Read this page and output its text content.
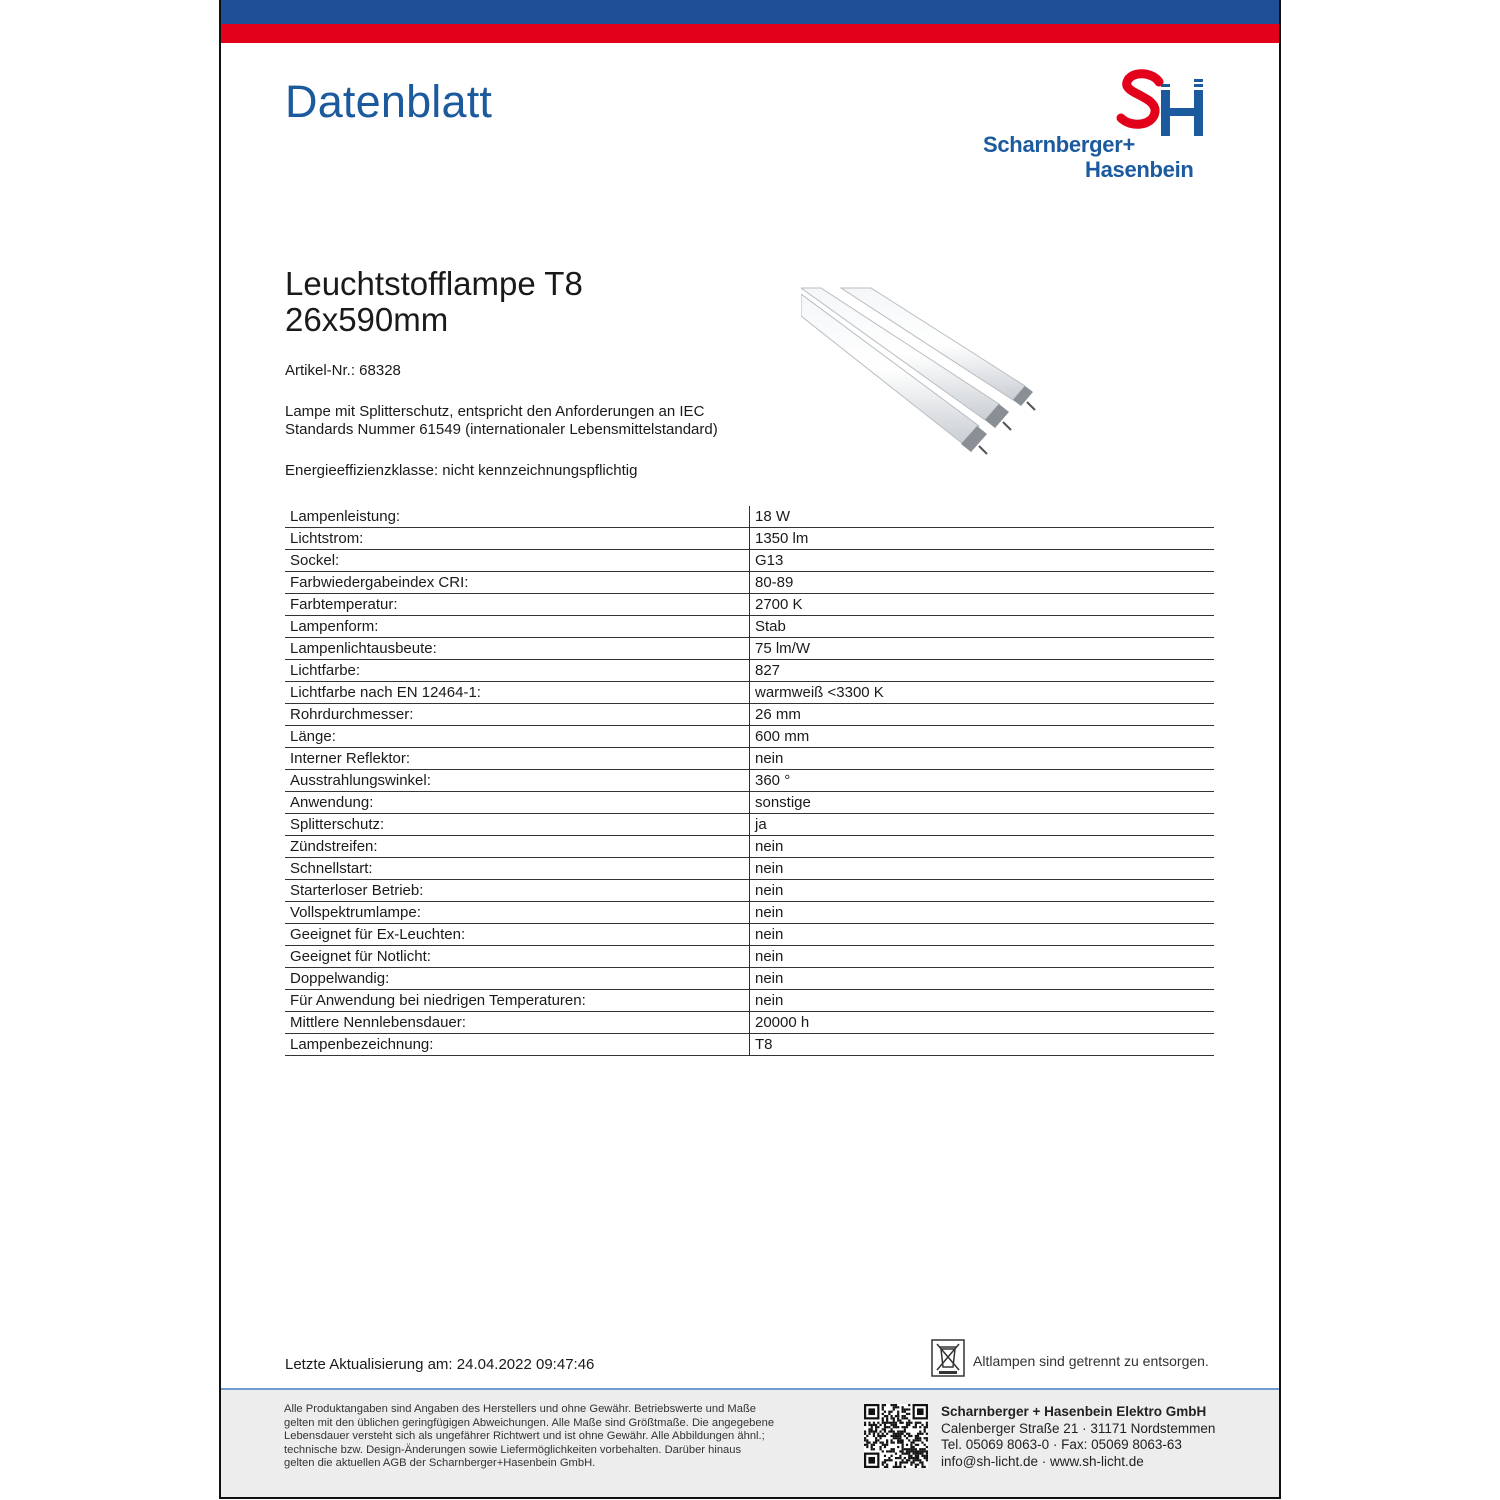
Datenblatt
Scharnberger+
Hasenbein
Leuchtstofflampe T8
26x590mm
Artikel-Nr.: 68328
Lampe mit Splitterschutz, entspricht den Anforderungen an IEC
Standards Nummer 61549 (internationaler Lebensmittelstandard)
Energieeffizienzklasse: nicht kennzeichnungspflichtig
Lampenleistung:	18 W
Lichtstrom:	1350 lm
Sockel:	G13
Farbwiedergabeindex CRI:	80-89
Farbtemperatur:	2700 K
Lampenform:	Stab
Lampenlichtausbeute:	75 lm/W
Lichtfarbe:	827
Lichtfarbe nach EN 12464-1:	warmweiß <3300 K
Rohrdurchmesser:	26 mm
Länge:	600 mm
Interner Reflektor:	nein
Ausstrahlungswinkel:	360 °
Anwendung:	sonstige
Splitterschutz:	ja
Zündstreifen:	nein
Schnellstart:	nein
Starterloser Betrieb:	nein
Vollspektrumlampe:	nein
Geeignet für Ex-Leuchten:	nein
Geeignet für Notlicht:	nein
Doppelwandig:	nein
Für Anwendung bei niedrigen Temperaturen:	nein
Mittlere Nennlebensdauer:	20000 h
Lampenbezeichnung:	T8
Letzte Aktualisierung am: 24.04.2022 09:47:46	Altlampen sind getrennt zu entsorgen.
Alle Produktangaben sind Angaben des Herstellers und ohne Gewähr. Betriebswerte und Maße
gelten mit den üblichen geringfügigen Abweichungen. Alle Maße sind Größtmaße. Die angegebene
Lebensdauer versteht sich als ungefährer Richtwert und ist ohne Gewähr. Alle Abbildungen ähnl.;
technische bzw. Design-Änderungen sowie Liefermöglichkeiten vorbehalten. Darüber hinaus
gelten die aktuellen AGB der Scharnberger+Hasenbein GmbH.
Scharnberger + Hasenbein Elektro GmbH
Calenberger Straße 21 · 31171 Nordstemmen
Tel. 05069 8063-0 · Fax: 05069 8063-63
info@sh-licht.de · www.sh-licht.de
